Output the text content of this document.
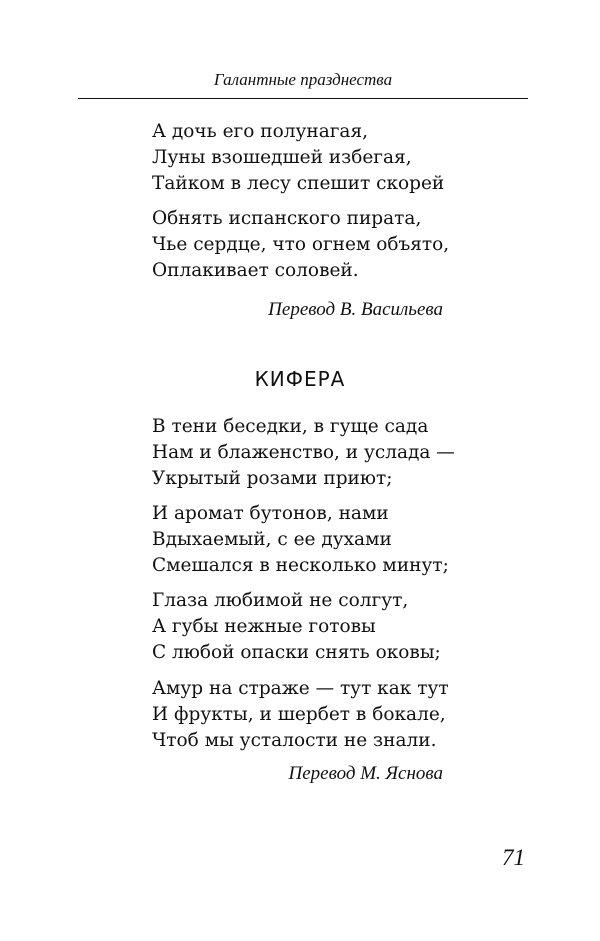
Галантные празднества
А дочь его полунагая,
Луны взошедшей избегая,
Тайком в лесу спешит скорей
Обнять испанского пирата,
Чье сердце, что огнем объято,
Оплакивает соловей.
Перевод В. Васильева
КИФЕРА
В тени беседки, в гуще сада
Нам и блаженство, и услада —
Укрытый розами приют;
И аромат бутонов, нами
Вдыхаемый, с ее духами
Смешался в несколько минут;
Глаза любимой не солгут,
А губы нежные готовы
С любой опаски снять оковы;
Амур на страже — тут как тут
И фрукты, и шербет в бокале,
Чтоб мы усталости не знали.
Перевод М. Яснова
71
